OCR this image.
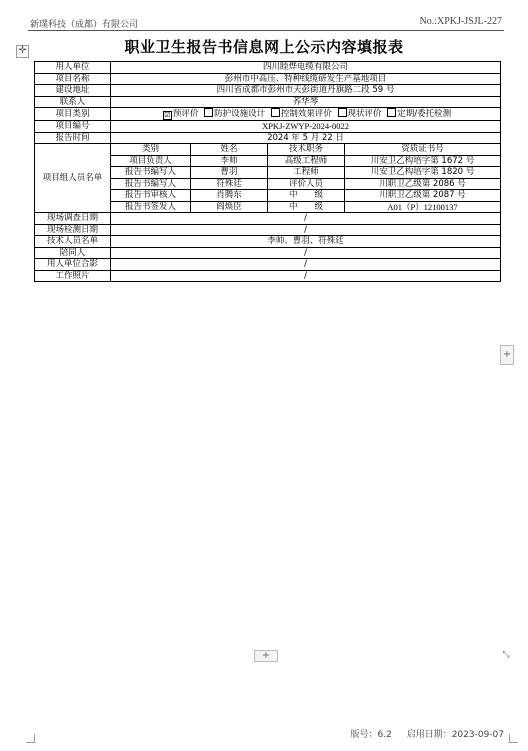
新璞科技（成都）有限公司	No.:XPKJ-JSJL-227
✛	职业卫生报告书信息网上公示内容填报表
用人单位	四川睦烨电缆有限公司			
项目名称	彭州市中高压、特种线缆研发生产基地项目			
建设地址	四川省成都市彭州市天彭街道丹旗路二段 59 号			
联系人	荞华琴			
项目类别	☑ 预评价 防护设施设计 控制效果评价 现状评价 定期/委托检测			
项目编号	XPKJ-ZWYP-2024-0022			
报告时间	2024 年 5 月 22 日			
项目组人员名单	类别	姓名	技术职务	资质证书号
	项目负责人	李帅	高级工程师	川安卫乙构培字第 1672 号
	报告书编写人	曹羽	工程师	川安卫乙构培字第 1820 号
	报告书编写人	符殊廷	评价人员	川职卫乙级第 2086 号
	报告书审核人	肖腾东	中　　级	川职卫乙级第 2087 号
	报告书签发人	阎焕臣	中　　级	A01（P）12100137
现场调查日期	/			
现场检测日期	/			
技术人员名单	李帅、曹羽、符殊廷			
陪同人	/			
用人单位合影	/			
工作照片	/			
+
+	⤡
版号：6.2 启用日期：2023-09-07
